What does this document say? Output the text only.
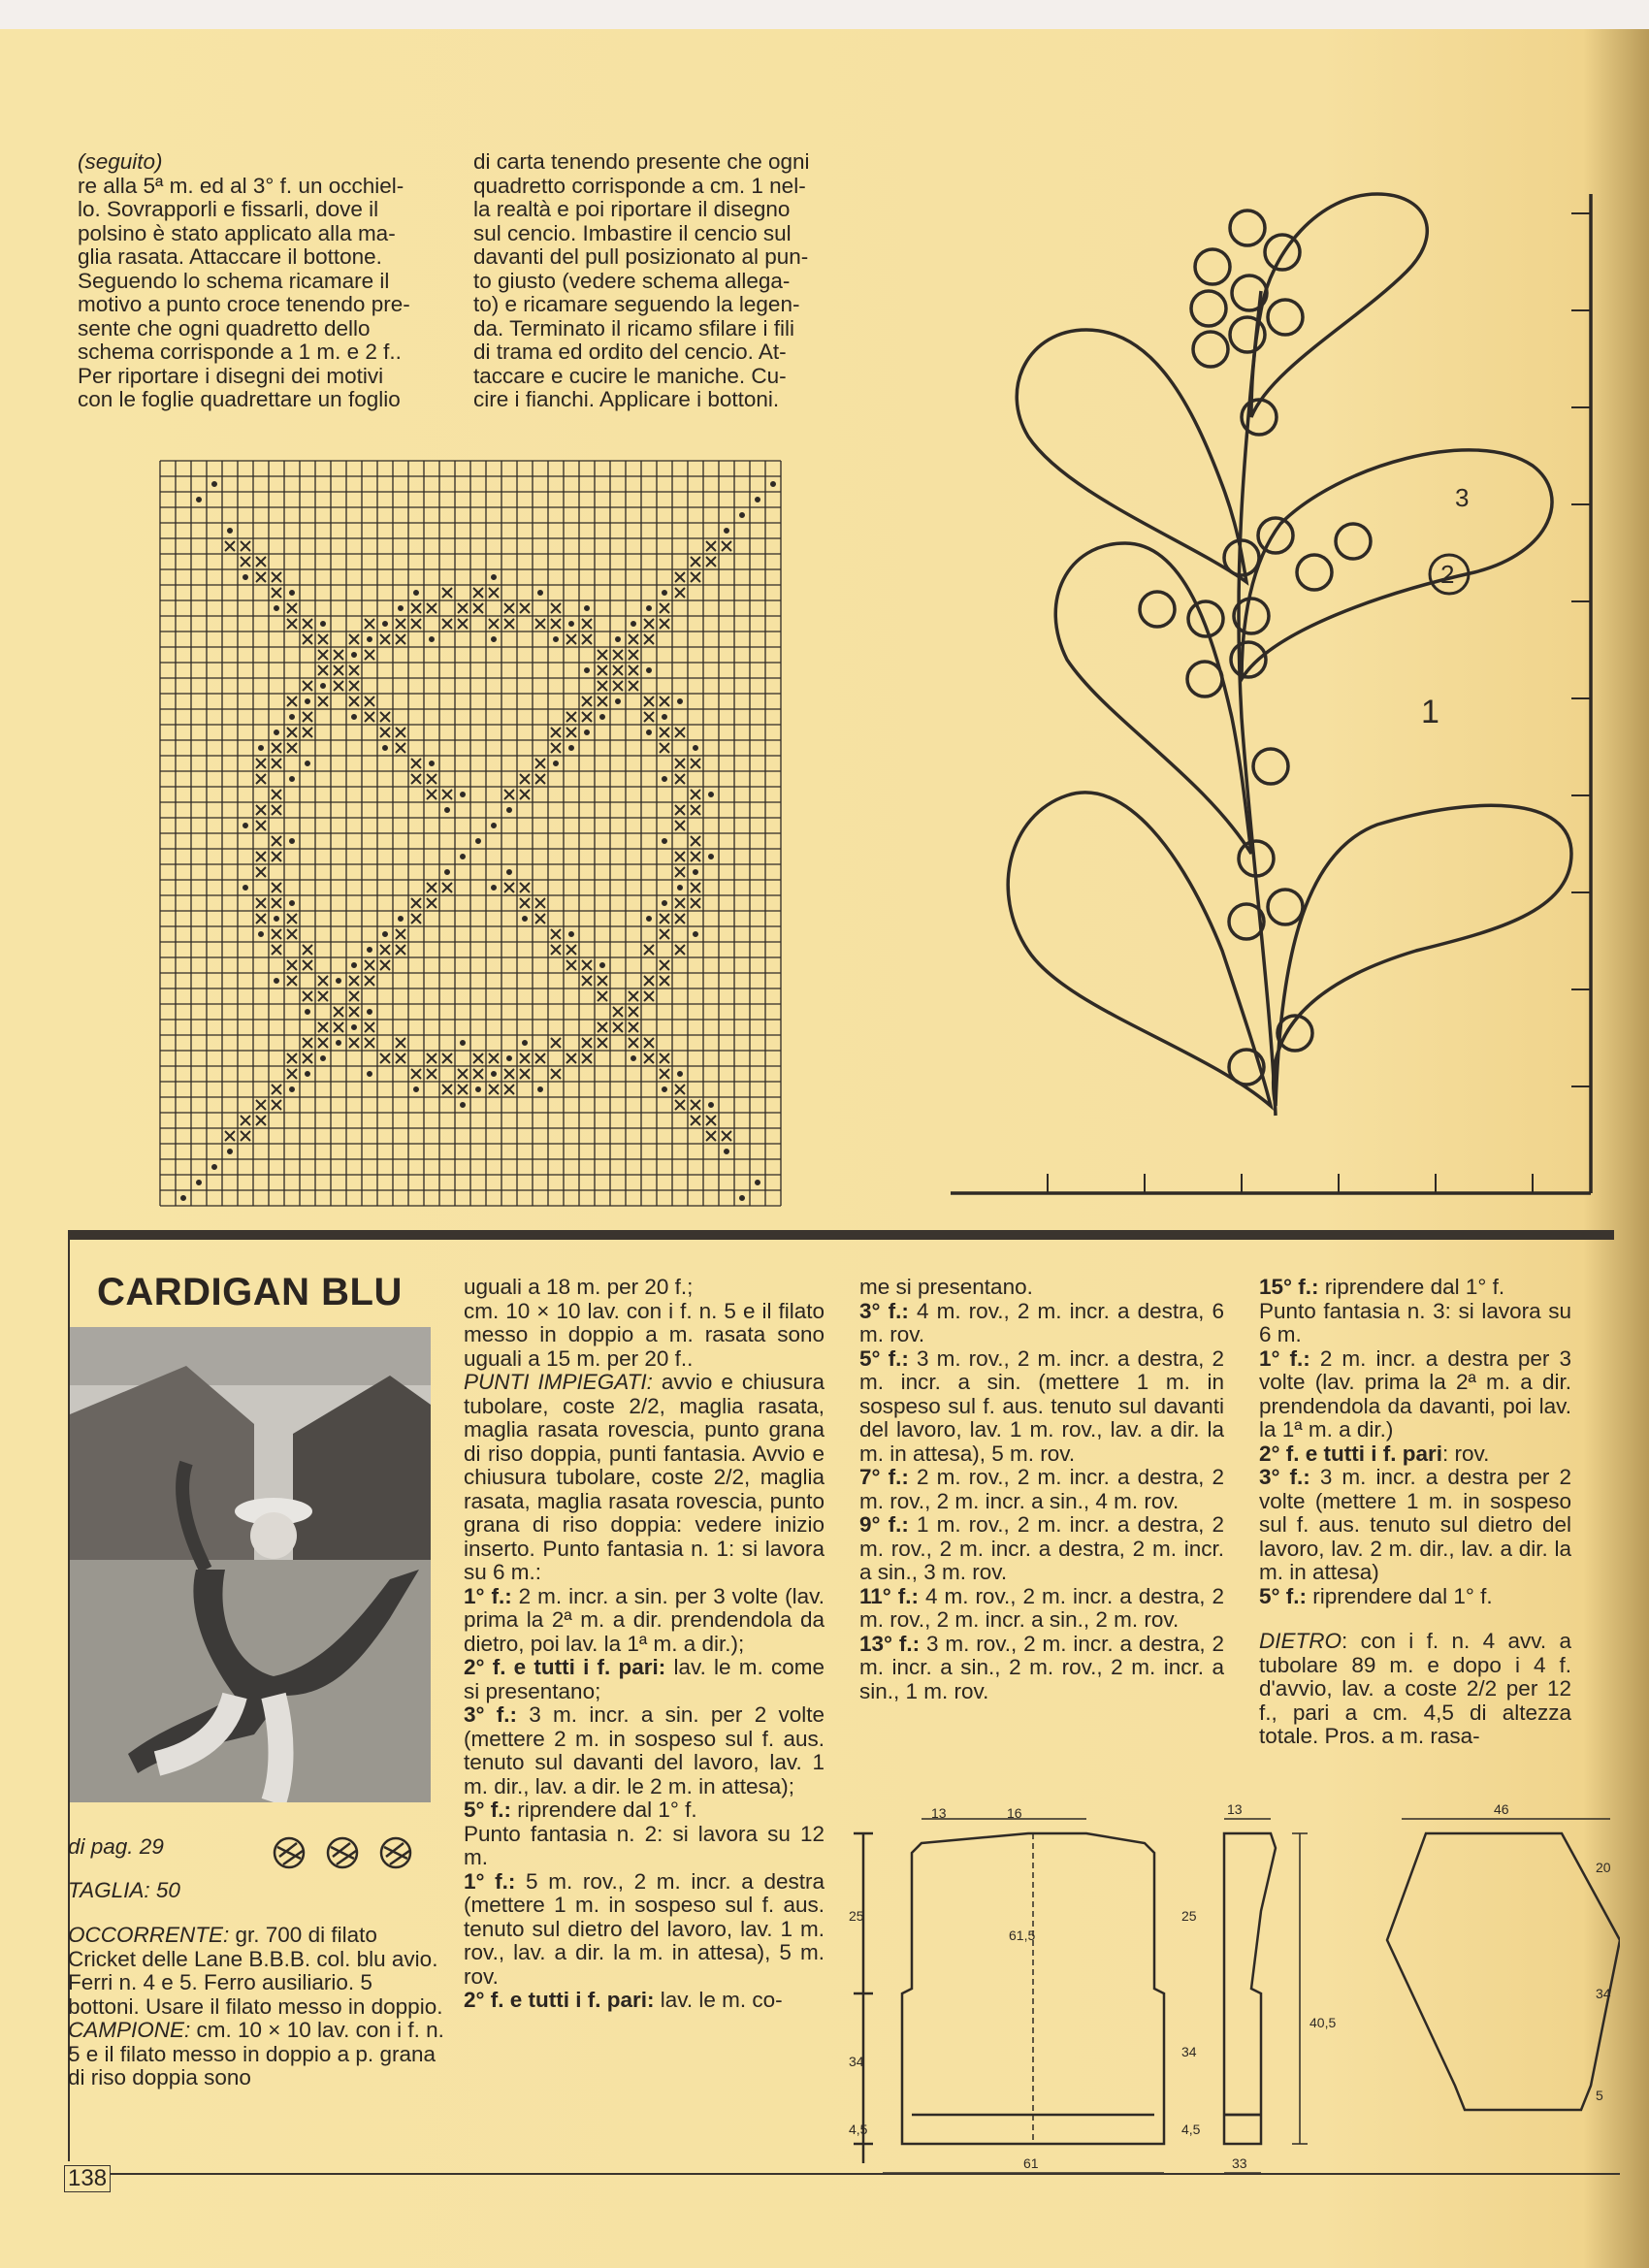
(seguito)

re alla 5ª m. ed al 3° f. un occhiel-

lo. Sovrapporli e fissarli, dove il

polsino è stato applicato alla ma-

glia rasata. Attaccare il bottone.

Seguendo lo schema ricamare il

motivo a punto croce tenendo pre-

sente che ogni quadretto dello

schema corrisponde a 1 m. e 2 f..

Per riportare i disegni dei motivi

con le foglie quadrettare un foglio

di carta tenendo presente che ogni

quadretto corrisponde a cm. 1 nel-

la realtà e poi riportare il disegno

sul cencio. Imbastire il cencio sul

davanti del pull posizionato al pun-

to giusto (vedere schema allega-

to) e ricamare seguendo la legen-

da. Terminato il ricamo sfilare i fili

di trama ed ordito del cencio. At-

taccare e cucire le maniche. Cu-

cire i fianchi. Applicare i bottoni.

3
2
1
CARDIGAN BLU

di pag. 29

TAGLIA: 50

OCCORRENTE: gr. 700 di filato Cricket delle Lane B.B.B. col. blu avio. Ferri n. 4 e 5. Ferro ausiliario. 5 bottoni. Usare il filato messo in doppio.

CAMPIONE: cm. 10 × 10 lav. con i f. n. 5 e il filato messo in doppio a p. grana di riso doppia sono

uguali a 18 m. per 20 f.;

cm. 10 × 10 lav. con i f. n. 5 e il filato messo in doppio a m. rasata sono uguali a 15 m. per 20 f..

PUNTI IMPIEGATI: avvio e chiusura tubolare, coste 2/2, maglia rasata, maglia rasata rovescia, punto grana di riso doppia, punti fantasia. Avvio e chiusura tubolare, coste 2/2, maglia rasata, maglia rasata rovescia, punto grana di riso doppia: vedere inizio inserto. Punto fantasia n. 1: si lavora su 6 m.:

1° f.: 2 m. incr. a sin. per 3 volte (lav. prima la 2ª m. a dir. prendendola da dietro, poi lav. la 1ª m. a dir.);

2° f. e tutti i f. pari: lav. le m. come si presentano;

3° f.: 3 m. incr. a sin. per 2 volte (mettere 2 m. in sospeso sul f. aus. tenuto sul davanti del lavoro, lav. 1 m. dir., lav. a dir. le 2 m. in attesa);

5° f.: riprendere dal 1° f.

Punto fantasia n. 2: si lavora su 12 m.

1° f.: 5 m. rov., 2 m. incr. a destra (mettere 1 m. in sospeso sul f. aus. tenuto sul dietro del lavoro, lav. 1 m. rov., lav. a dir. la m. in attesa), 5 m. rov.

2° f. e tutti i f. pari: lav. le m. co-

me si presentano.

3° f.: 4 m. rov., 2 m. incr. a destra, 6 m. rov.

5° f.: 3 m. rov., 2 m. incr. a destra, 2 m. incr. a sin. (mettere 1 m. in sospeso sul f. aus. tenuto sul davanti del lavoro, lav. 1 m. rov., lav. a dir. la m. in attesa), 5 m. rov.

7° f.: 2 m. rov., 2 m. incr. a destra, 2 m. rov., 2 m. incr. a sin., 4 m. rov.

9° f.: 1 m. rov., 2 m. incr. a destra, 2 m. rov., 2 m. incr. a destra, 2 m. incr. a sin., 3 m. rov.

11° f.: 4 m. rov., 2 m. incr. a destra, 2 m. rov., 2 m. incr. a sin., 2 m. rov.

13° f.: 3 m. rov., 2 m. incr. a destra, 2 m. incr. a sin., 2 m. rov., 2 m. incr. a sin., 1 m. rov.

15° f.: riprendere dal 1° f.

Punto fantasia n. 3: si lavora su 6 m.

1° f.: 2 m. incr. a destra per 3 volte (lav. prima la 2ª m. a dir. prendendola da davanti, poi lav. la 1ª m. a dir.)

2° f. e tutti i f. pari: rov.

3° f.: 3 m. incr. a destra per 2 volte (mettere 1 m. in sospeso sul f. aus. tenuto sul dietro del lavoro, lav. 2 m. dir., lav. a dir. la m. in attesa)

5° f.: riprendere dal 1° f.

DIETRO: con i f. n. 4 avv. a tubolare 89 m. e dopo i 4 f. d'avvio, lav. a coste 2/2 per 12 f., pari a cm. 4,5 di altezza totale. Pros. a m. rasa-

13	16
25
61,5
34
4,5
61
13
25
34
4,5
40,5
33
46
20
34
5
138
